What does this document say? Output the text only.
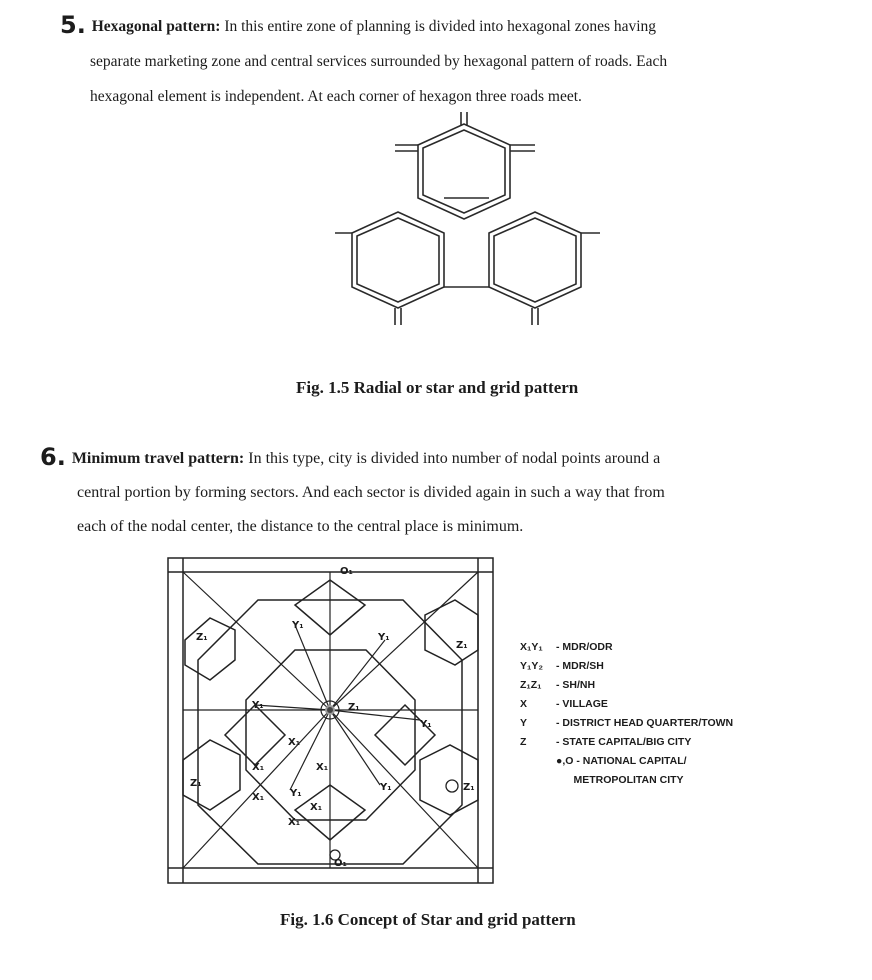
5. Hexagonal pattern: In this entire zone of planning is divided into hexagonal zones having
separate marketing zone and central services surrounded by hexagonal pattern of roads. Each
hexagonal element is independent. At each corner of hexagon three roads meet.

Fig. 1.5 Radial or star and grid pattern

6. Minimum travel pattern: In this type, city is divided into number of nodal points around a
central portion by forming sectors. And each sector is divided again in such a way that from
each of the nodal center, the distance to the central place is minimum.

O₁
O₁
Y₁
Y₁
Y₁
Y₁
Y₁
Y₁
Z₁
Z₁
Z₁
Z₁	Z₁
X₁
X₁
X₁
X₁
X₁
X₁
X₁Y₁	- MDR/ODR
Y₁Y₂	- MDR/SH
Z₁Z₁	- SH/NH
X	- VILLAGE
Y	- DISTRICT HEAD QUARTER/TOWN
Z	- STATE CAPITAL/BIG CITY
●,O - NATIONAL CAPITAL/
METROPOLITAN CITY
Fig. 1.6 Concept of Star and grid pattern
